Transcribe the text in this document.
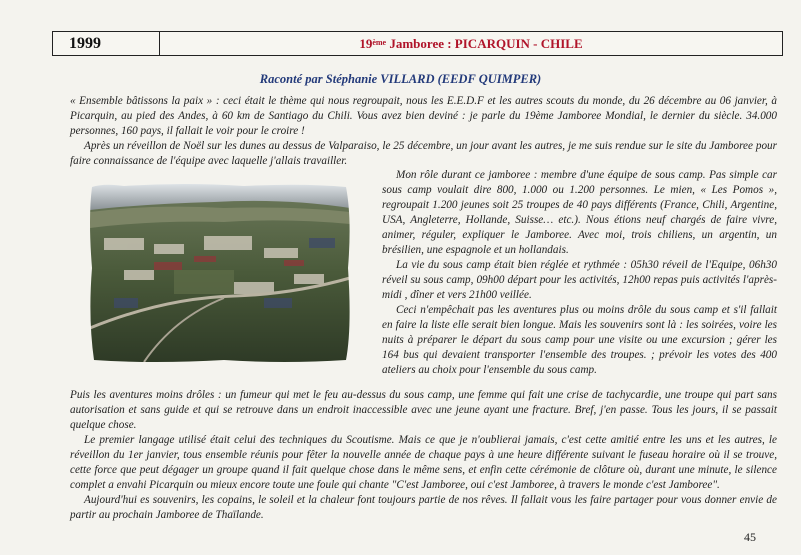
1999	19ème Jamboree : PICARQUIN - CHILE
Raconté par Stéphanie VILLARD (EEDF QUIMPER)

« Ensemble bâtissons la paix » : ceci était le thème qui nous regroupait, nous les E.E.D.F et les autres scouts du monde, du 26 décembre au 06 janvier, à Picarquin, au pied des Andes, à 60 km de Santiago du Chili. Vous avez bien deviné : je parle du 19ème Jamboree Mondial, le dernier du siècle. 34.000 personnes, 160 pays, il fallait le voir pour le croire !

Après un réveillon de Noël sur les dunes au dessus de Valparaiso, le 25 décembre, un jour avant les autres, je me suis rendue sur le site du Jamboree pour faire connaissance de l'équipe avec laquelle j'allais travailler.

Mon rôle durant ce jamboree : membre d'une équipe de sous camp. Pas simple car sous camp voulait dire 800, 1.000 ou 1.200 personnes. Le mien, « Les Pomos », regroupait 1.200 jeunes soit 25 troupes de 40 pays différents (France, Chili, Argentine, USA, Angleterre, Hollande, Suisse… etc.). Nous étions neuf chargés de faire vivre, animer, réguler, expliquer le Jamboree. Avec moi, trois chiliens, un argentin, un brésilien, une espagnole et un hollandais.

La vie du sous camp était bien réglée et rythmée : 05h30 réveil de l'Equipe, 06h30 réveil su sous camp, 09h00 départ pour les activités, 12h00 repas puis activités l'après-midi , dîner et vers 21h00 veillée.

Ceci n'empêchait pas les aventures plus ou moins drôle du sous camp et s'il fallait en faire la liste elle serait bien longue. Mais les souvenirs sont là : les soirées, voire les nuits à préparer le départ du sous camp pour une visite ou une excursion ; gérer les 164 bus qui devaient transporter l'ensemble des troupes. ; prévoir les votes des 400 ateliers au choix pour l'ensemble du sous camp.

Puis les aventures moins drôles : un fumeur qui met le feu au-dessus du sous camp, une femme qui fait une crise de tachycardie, une troupe qui part sans autorisation et sans guide et qui se retrouve dans un endroit inaccessible avec une jeune ayant une fracture. Bref, j'en passe. Tous les jours, il se passait quelque chose.

Le premier langage utilisé était celui des techniques du Scoutisme. Mais ce que je n'oublierai jamais, c'est cette amitié entre les uns et les autres, le réveillon du 1er janvier, tous ensemble réunis pour fêter la nouvelle année de chaque pays à une heure différente suivant le fuseau horaire où il se trouve, cette force que peut dégager un groupe quand il fait quelque chose dans le même sens, et enfin cette cérémonie de clôture où, durant une minute, le silence complet a envahi Picarquin ou mieux encore toute une foule qui chante "C'est Jamboree, oui c'est Jamboree, à travers le monde c'est Jamboree".

Aujourd'hui es souvenirs, les copains, le soleil et la chaleur font toujours partie de nos rêves. Il fallait vous les faire partager pour vous donner envie de partir au prochain Jamboree de Thaïlande.

45
